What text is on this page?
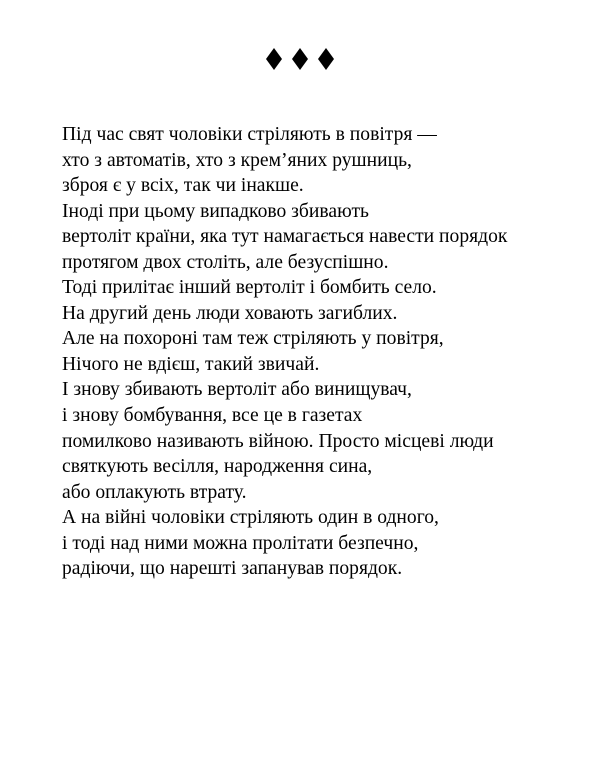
Під час свят чоловіки стріляють в повітря —
хто з автоматів, хто з крем’яних рушниць,
зброя є у всіх, так чи інакше.
Іноді при цьому випадково збивають
вертоліт країни, яка тут намагається навести порядок
протягом двох століть, але безуспішно.
Тоді прилітає інший вертоліт і бомбить село.
На другий день люди ховають загиблих.
Але на похороні там теж стріляють у повітря,
Нічого не вдієш, такий звичай.
І знову збивають вертоліт або винищувач,
і знову бомбування, все це в газетах
помилково називають війною. Просто місцеві люди
святкують весілля, народження сина,
або оплакують втрату.
А на війні чоловіки стріляють один в одного,
і тоді над ними можна пролітати безпечно,
радіючи, що нарешті запанував порядок.
